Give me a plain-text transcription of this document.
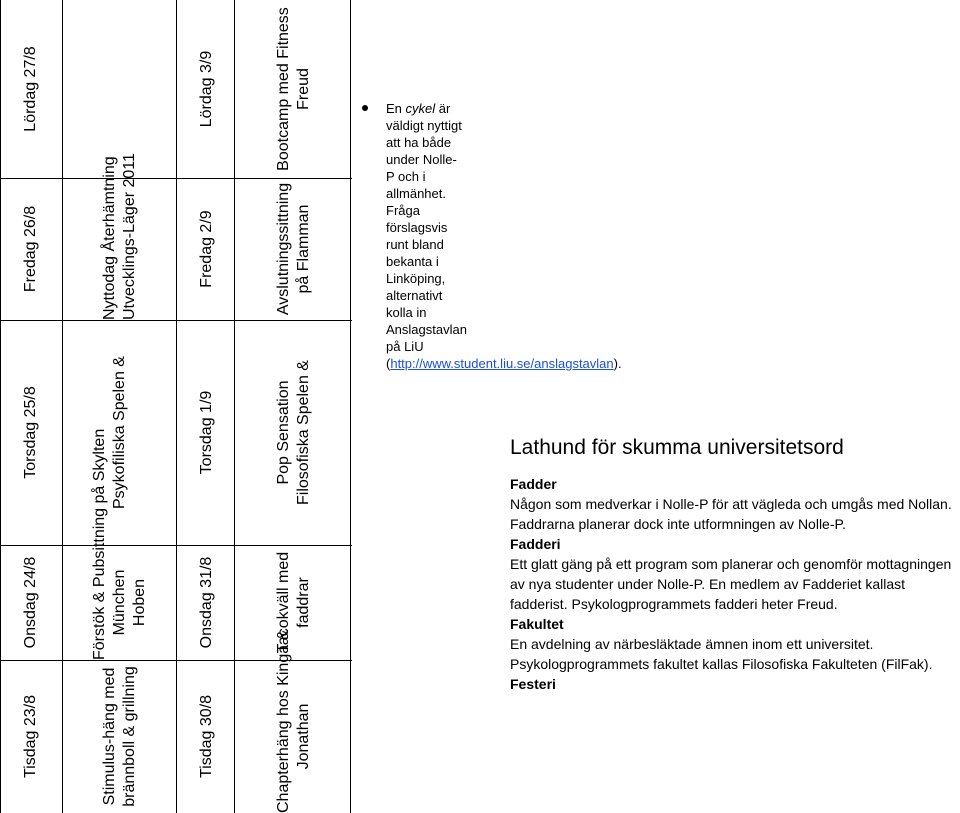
Tisdag 23/8
Onsdag 24/8
Torsdag 25/8
Fredag 26/8
Lördag 27/8
Stimulus-häng med brännboll & grillning
Förstök & Pubsittning på Skylten München Hoben
Psykofiliska Spelen &
Nyttodag Återhämtning Utvecklings-Läger 2011
Tisdag 30/8
Onsdag 31/8
Torsdag 1/9
Fredag 2/9
Lördag 3/9
Chapterhäng hos Kinga & Jonathan
Tacokväll med faddrar
Pop Sensation Filosofiska Spelen &
Avslutningssittning på Flamman
Bootcamp med Fitness Freud	En cykel är väldigt nyttigt att ha både under Nolle-P och i allmänhet. Fråga förslagsvis runt bland bekanta i Linköping, alternativt kolla in Anslagstavlan på LiU (http://www.student.liu.se/anslagstavlan).
Lathund för skumma universitetsord

Fadder

Någon som medverkar i Nolle-P för att vägleda och umgås med Nollan. Faddrarna planerar dock inte utformningen av Nolle-P.

Fadderi

Ett glatt gäng på ett program som planerar och genomför mottagningen av nya studenter under Nolle-P. En medlem av Fadderiet kallast fadderist. Psykologprogrammets fadderi heter Freud.

Fakultet

En avdelning av närbesläktade ämnen inom ett universitet. Psykologprogrammets fakultet kallas Filosofiska Fakulteten (FilFak).

Festeri
